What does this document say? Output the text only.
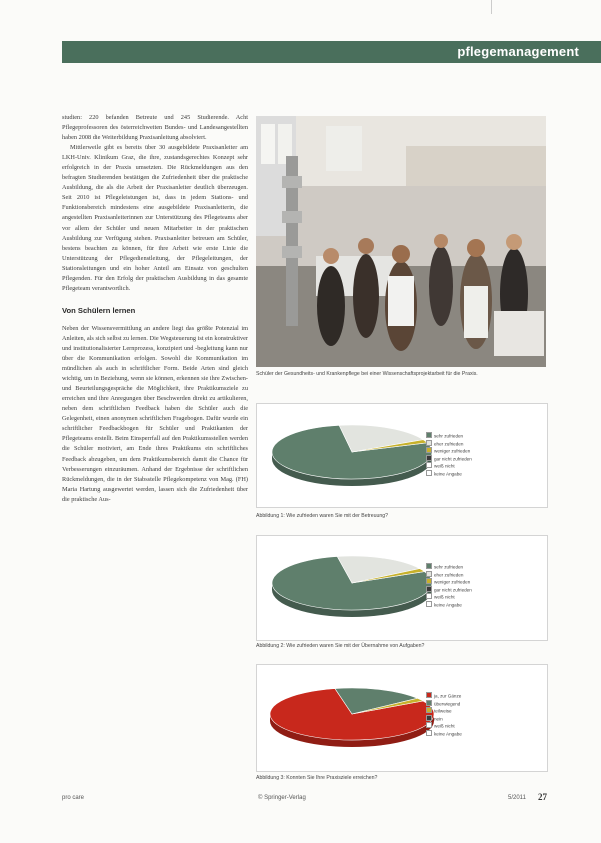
pflegemanagement

studien: 220 befanden Betreute und 245 Studierende. Acht Pflegeprofessoren des österreichweiten Bundes- und Landesangestellten haben 2008 die Weiterbildung Praxisanleitung absolviert.

Mittlerweile gibt es bereits über 30 ausgebildete Praxisanleiter am LKH-Univ. Klinikum Graz, die ihre, zustandsgerechtes Konzept sehr erfolgreich in der Praxis umsetzten. Die Rückmeldungen aus den befragten Studierenden bestätigen die Zufriedenheit über die praktische Ausbildung, die als die Arbeit der Praxisanleiter deutlich überzeugen. Seit 2010 ist Pflegeleistungen ist, dass in jedem Stations- und Funktionsbereich mindestens eine ausgebildete Praxisanleiterin, die angestellten Praxisanleiterinnen zur Unterstützung des Pflegeteams aber vor allem der Schüler und neuen Mitarbeiter in der praktischen Ausbildung zur Verfügung stehen. Praxisanleiter betreuen am Schüler, bestens beachten zu können, für ihre Arbeit wie erste Linie die Unterstützung der Pflegedienstleitung, der Pflegeleitungen, der Stationsleitungen und ein hoher Anteil am Einsatz von geschulten Pflegenden. Für den Erfolg der praktischen Ausbildung in das gesamte Pflegeteam verantwortlich.

Von Schülern lernen

Neben der Wissensvermittlung an andere liegt das größte Potenzial im Anleiten, als sich selbst zu lernen. Die Wegsteuerung ist ein konstruktiver und institutionalisierter Lernprozess, konzipiert und -begleitung kann nur über die Kommunikation erfolgen. Sowohl die Kommunikation im mündlichen als auch in schriftlicher Form. Beide Arten sind gleich wichtig, um in Beziehung, wenn sie können, erkennen sie ihre Zwischen- und Beurteilungsgespräche die Möglichkeit, ihre Praktikumsziele zu erreichen und ihre Anregungen über Beschwerden direkt zu artikulieren, neben dem schriftlichen Feedback haben die Schüler auch die Gelegenheit, einen anonymen schriftlichen Fragebogen. Dafür wurde ein schriftlicher Feedbackbogen für Schüler und Praktikanten der Pflegeteams erstellt. Beim Einsperrfall auf den Praktikumsstellen werden die Schüler motiviert, am Ende ihres Praktikums ein schriftliches Feedback abzugeben, um dem Praktikumsbereich damit die Chance für Verbesserungen einzuräumen. Anhand der Ergebnisse der schriftlichen Rückmeldungen, die in der Stabsstelle Pflegekompetenz von Mag. (FH) Maria Hartung ausgewertet werden, lassen sich die Zufriedenheit über die praktische Aus-

Schüler der Gesundheits- und Krankenpflege bei einer Wissenschaftsprojektarbeit für die Praxis.
sehr zufrieden
eher zufrieden
weniger zufrieden
gar nicht zufrieden
weiß nicht
keine Angabe
Abbildung 1: Wie zufrieden waren Sie mit der Betreuung?
sehr zufrieden
eher zufrieden
weniger zufrieden
gar nicht zufrieden
weiß nicht
keine Angabe
Abbildung 2: Wie zufrieden waren Sie mit der Übernahme von Aufgaben?
ja, zur Gänze
überwiegend
teilweise
nein
weiß nicht
keine Angabe
Abbildung 3: Konnten Sie Ihre Praxisziele erreichen?
pro care	© Springer-Verlag	5/2011 27
